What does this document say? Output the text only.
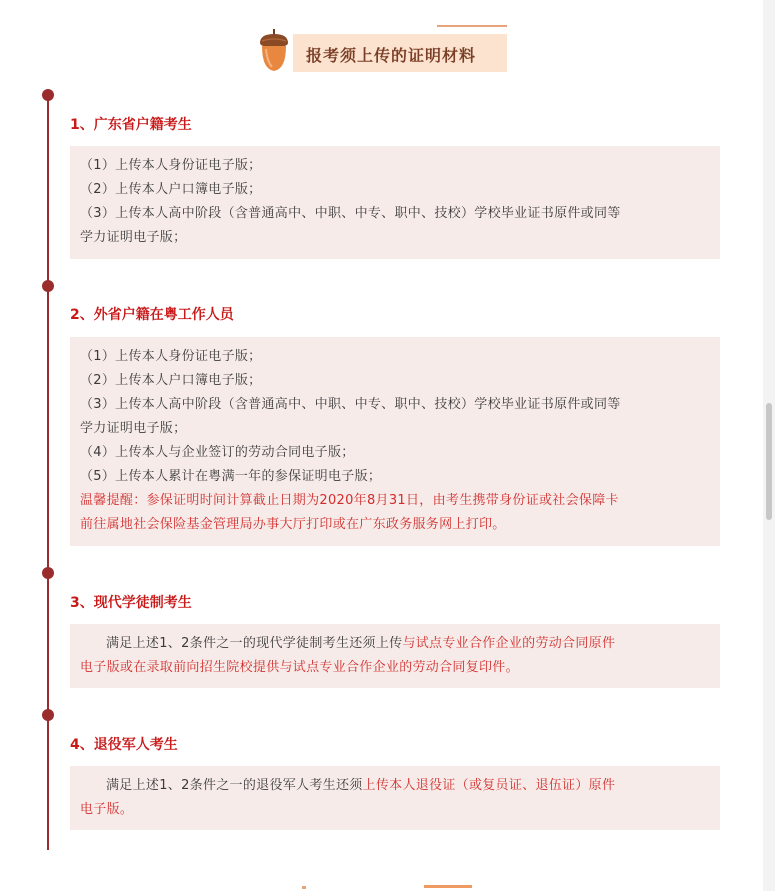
报考须上传的证明材料
1、广东省户籍考生
（1）上传本人身份证电子版；
（2）上传本人户口簿电子版；
（3）上传本人高中阶段（含普通高中、中职、中专、职中、技校）学校毕业证书原件或同等
学力证明电子版；
2、外省户籍在粤工作人员
（1）上传本人身份证电子版；
（2）上传本人户口簿电子版；
（3）上传本人高中阶段（含普通高中、中职、中专、职中、技校）学校毕业证书原件或同等
学力证明电子版；
（4）上传本人与企业签订的劳动合同电子版；
（5）上传本人累计在粤满一年的参保证明电子版；
温馨提醒：参保证明时间计算截止日期为2020年8月31日，由考生携带身份证或社会保障卡
前往属地社会保险基金管理局办事大厅打印或在广东政务服务网上打印。
3、现代学徒制考生
满足上述1、2条件之一的现代学徒制考生还须上传与试点专业合作企业的劳动合同原件
电子版或在录取前向招生院校提供与试点专业合作企业的劳动合同复印件。
4、退役军人考生
满足上述1、2条件之一的退役军人考生还须上传本人退役证（或复员证、退伍证）原件
电子版。
